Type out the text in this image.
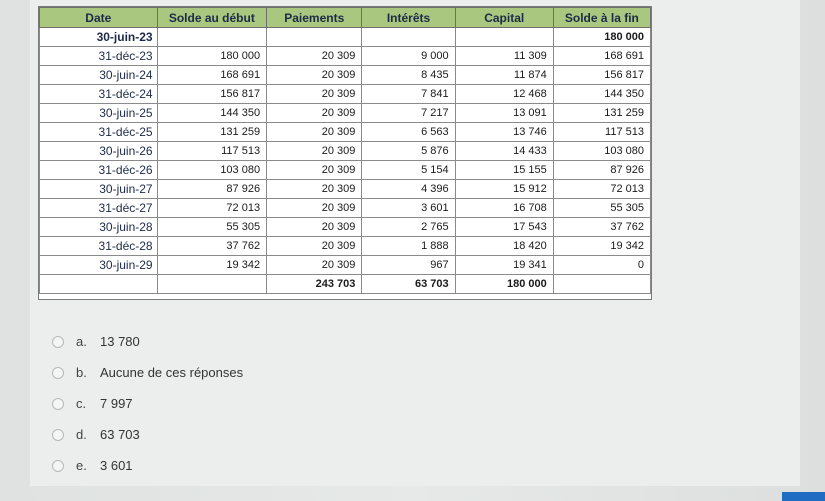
Date	Solde au début	Paiements	Intérêts	Capital	Solde à la fin
30-juin-23					180 000
31-déc-23	180 000	20 309	9 000	11 309	168 691
30-juin-24	168 691	20 309	8 435	11 874	156 817
31-déc-24	156 817	20 309	7 841	12 468	144 350
30-juin-25	144 350	20 309	7 217	13 091	131 259
31-déc-25	131 259	20 309	6 563	13 746	117 513
30-juin-26	117 513	20 309	5 876	14 433	103 080
31-déc-26	103 080	20 309	5 154	15 155	87 926
30-juin-27	87 926	20 309	4 396	15 912	72 013
31-déc-27	72 013	20 309	3 601	16 708	55 305
30-juin-28	55 305	20 309	2 765	17 543	37 762
31-déc-28	37 762	20 309	1 888	18 420	19 342
30-juin-29	19 342	20 309	967	19 341	0
		243 703	63 703	180 000	
a.	13 780
b.	Aucune de ces réponses
c.	7 997
d.	63 703
e.	3 601
